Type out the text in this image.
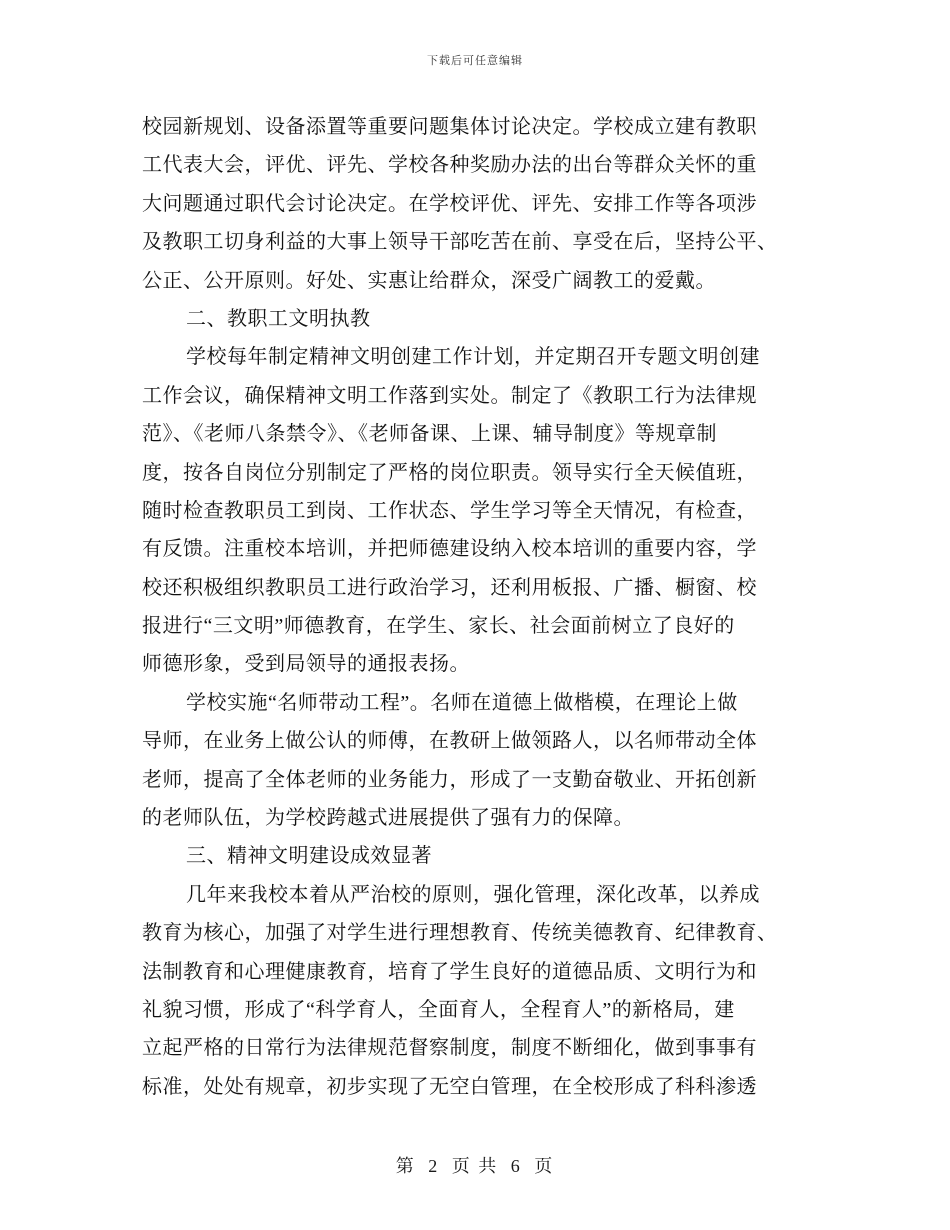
下载后可任意编辑
校园新规划、设备添置等重要问题集体讨论决定。学校成立建有教职
工代表大会，评优、评先、学校各种奖励办法的出台等群众关怀的重
大问题通过职代会讨论决定。在学校评优、评先、安排工作等各项涉
及教职工切身利益的大事上领导干部吃苦在前、享受在后，坚持公平、
公正、公开原则。好处、实惠让给群众，深受广阔教工的爱戴。
二、教职工文明执教
学校每年制定精神文明创建工作计划，并定期召开专题文明创建
工作会议，确保精神文明工作落到实处。制定了《教职工行为法律规
范》、《老师八条禁令》、《老师备课、上课、辅导制度》等规章制
度，按各自岗位分别制定了严格的岗位职责。领导实行全天候值班，
随时检查教职员工到岗、工作状态、学生学习等全天情况，有检查，
有反馈。注重校本培训，并把师德建设纳入校本培训的重要内容，学
校还积极组织教职员工进行政治学习，还利用板报、广播、橱窗、校
报进行“三文明”师德教育，在学生、家长、社会面前树立了良好的
师德形象，受到局领导的通报表扬。
学校实施“名师带动工程”。名师在道德上做楷模，在理论上做
导师，在业务上做公认的师傅，在教研上做领路人，以名师带动全体
老师，提高了全体老师的业务能力，形成了一支勤奋敬业、开拓创新
的老师队伍，为学校跨越式进展提供了强有力的保障。
三、精神文明建设成效显著
几年来我校本着从严治校的原则，强化管理，深化改革，以养成
教育为核心，加强了对学生进行理想教育、传统美德教育、纪律教育、
法制教育和心理健康教育，培育了学生良好的道德品质、文明行为和
礼貌习惯，形成了“科学育人，全面育人，全程育人”的新格局，建
立起严格的日常行为法律规范督察制度，制度不断细化，做到事事有
标准，处处有规章，初步实现了无空白管理，在全校形成了科科渗透
第 2 页 共 6 页
